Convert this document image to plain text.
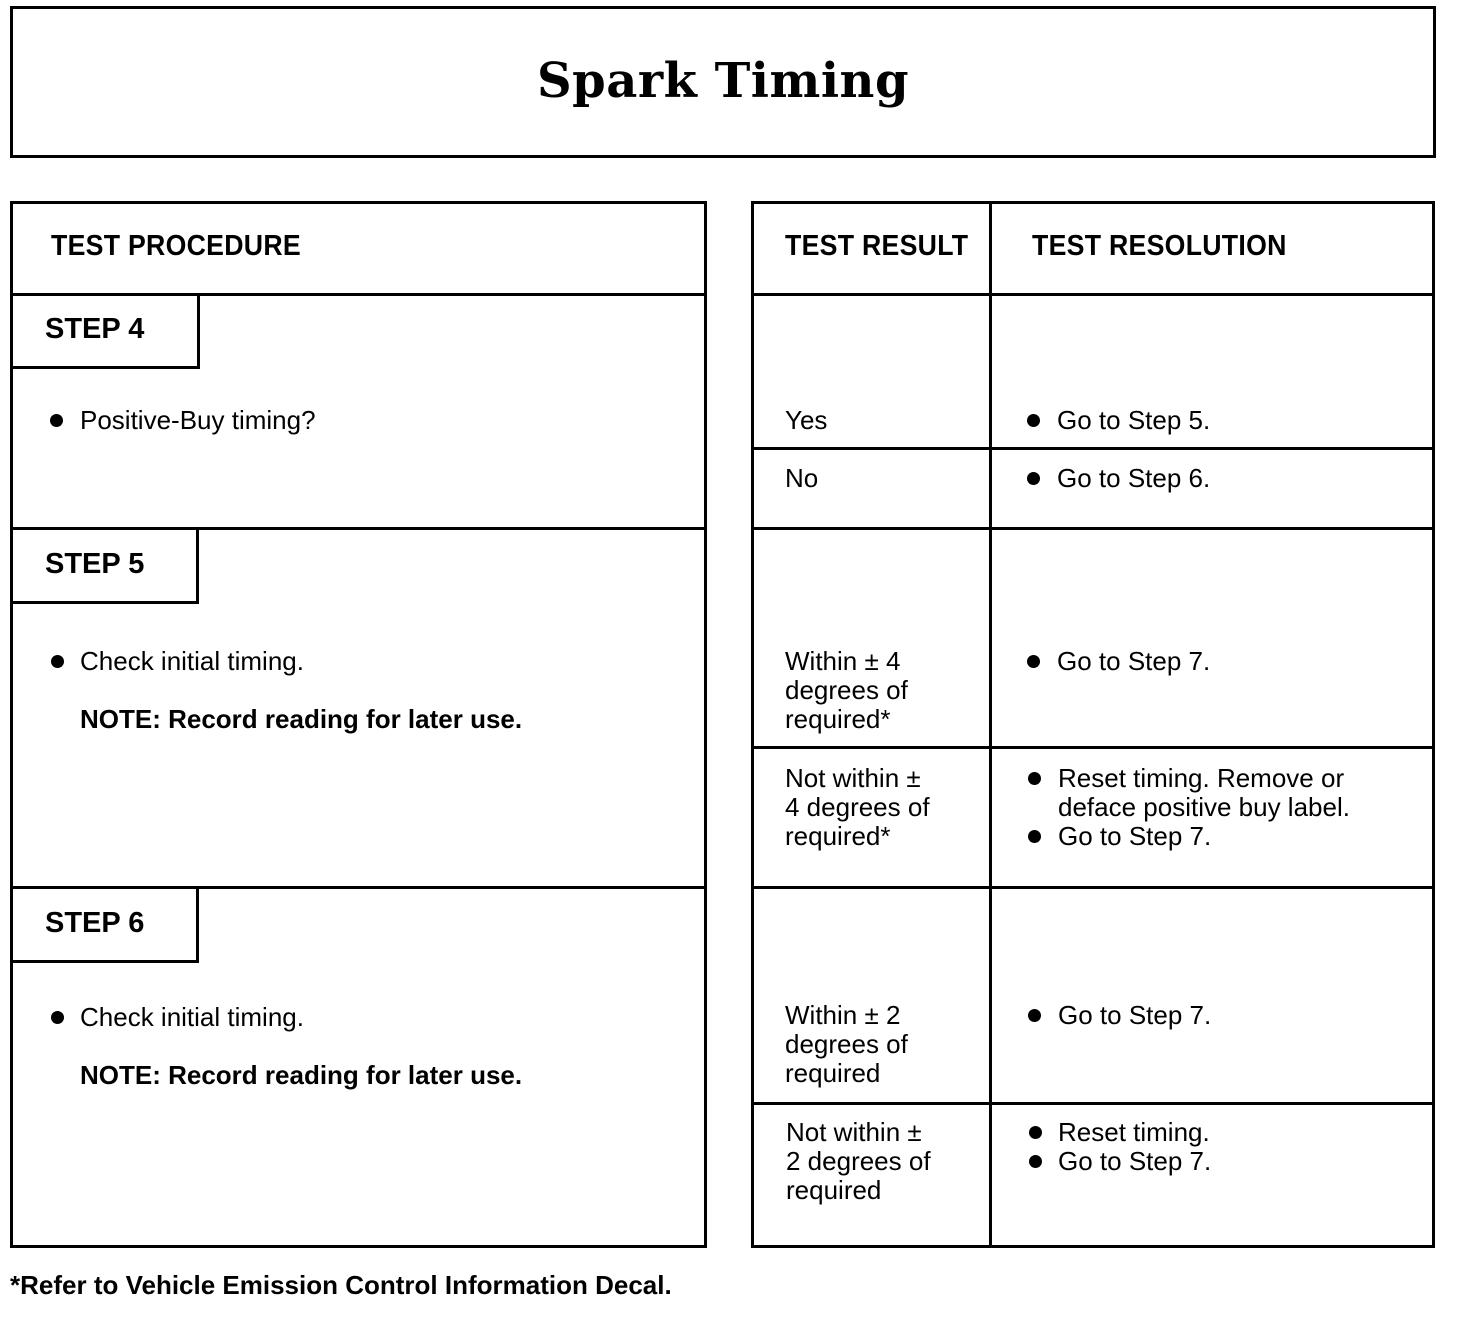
Spark Timing
TEST PROCEDURE
STEP 4
Positive-Buy timing?
STEP 5
Check initial timing.
NOTE: Record reading for later use.
STEP 6
Check initial timing.
NOTE: Record reading for later use.
TEST RESULT TEST RESOLUTION
Yes	Go to Step 5.
No	Go to Step 6.
Within ± 4
degrees of
required*
Go to Step 7.
Not within ±
4 degrees of
required*
Reset timing. Remove or
deface positive buy label.
Go to Step 7.
Within ± 2
degrees of
required
Go to Step 7.
Not within ±
2 degrees of
required
Reset timing.
Go to Step 7.
*Refer to Vehicle Emission Control Information Decal.
